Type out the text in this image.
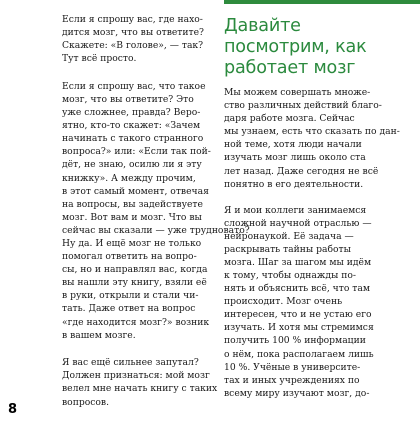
Если я спрошу вас, где нахо-
дится мозг, что вы ответите?
Скажете: «В голове», — так?
Тут всё просто.

Если я спрошу вас, что такое
мозг, что вы ответите? Это
уже сложнее, правда? Веро-
ятно, кто-то скажет: «Зачем
начинать с такого странного
вопроса?» или: «Если так пой-
дёт, не знаю, осилю ли я эту
книжку». А между прочим,
в этот самый момент, отвечая
на вопросы, вы задействуете
мозг. Вот вам и мозг. Что вы
сейчас вы сказали — уже трудновато?
Ну да. И ещё мозг не только
помогал ответить на вопро-
сы, но и направлял вас, когда
вы нашли эту книгу, взяли её
в руки, открыли и стали чи-
тать. Даже ответ на вопрос
«где находится мозг?» возник
в вашем мозге.

Я вас ещё сильнее запутал?
Должен признаться: мой мозг
велел мне начать книгу с таких
вопросов.

Давайте
посмотрим, как
работает мозг

Мы можем совершать множе-
ство различных действий благо-
даря работе мозга. Сейчас
мы узнаем, есть что сказать по дан-
ной теме, хотя люди начали
изучать мозг лишь около ста
лет назад. Даже сегодня не всё
понятно в его деятельности.

Я и мои коллеги занимаемся
сложной научной отраслью —
нейронаукой. Её задача —
раскрывать тайны работы
мозга. Шаг за шагом мы идём
к тому, чтобы однажды по-
нять и объяснить всё, что там
происходит. Мозг очень
интересен, что и не устаю его
изучать. И хотя мы стремимся
получить 100 % информации
о нём, пока располагаем лишь
10 %. Учёные в университе-
тах и иных учреждениях по
всему миру изучают мозг, до-

8
